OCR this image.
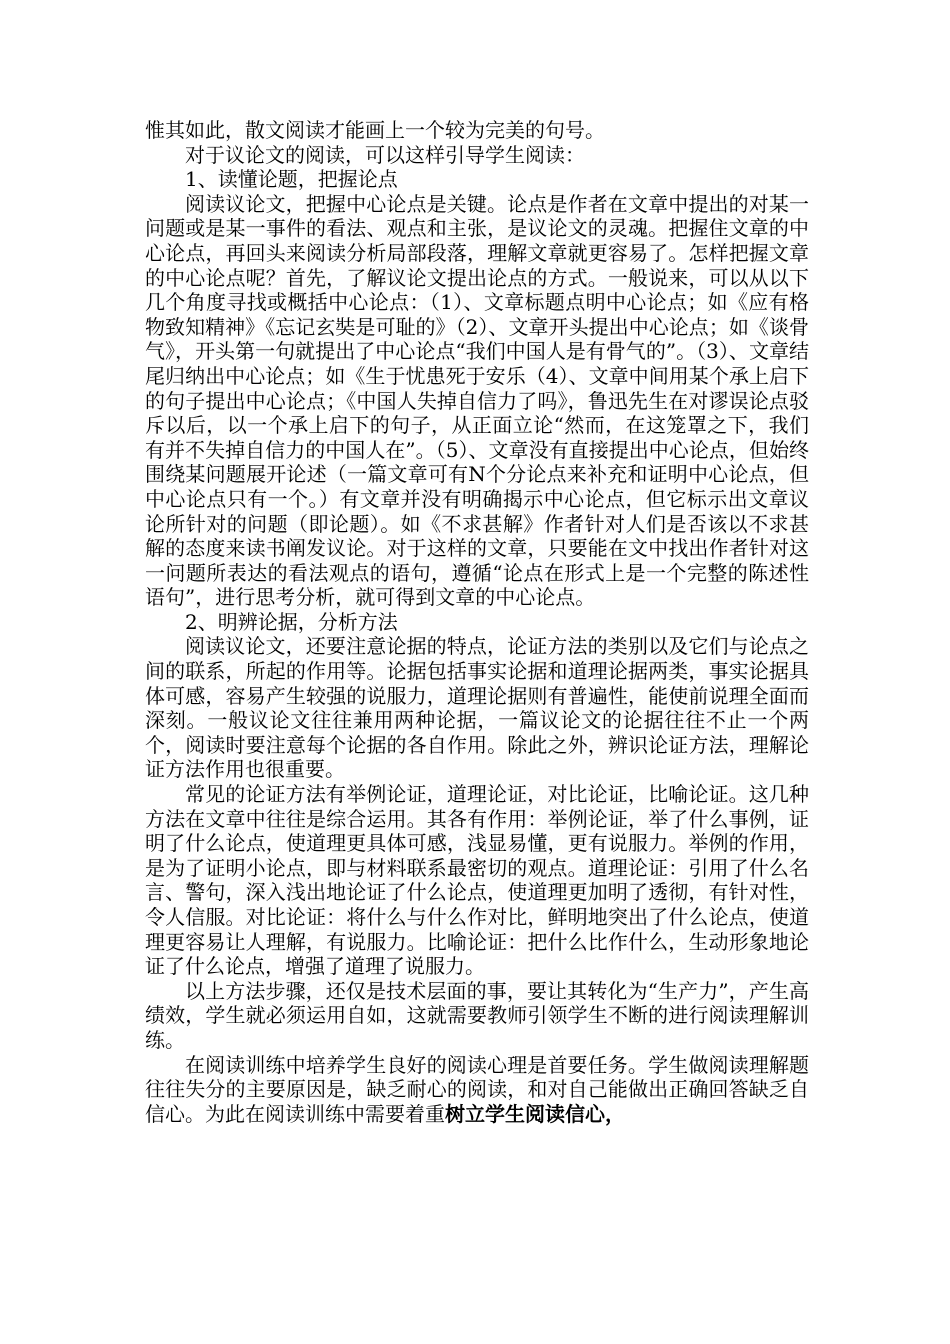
惟其如此，散文阅读才能画上一个较为完美的句号。

对于议论文的阅读，可以这样引导学生阅读：

1、读懂论题，把握论点

阅读议论文，把握中心论点是关键。论点是作者在文章中提出的对某一问题或是某一事件的看法、观点和主张，是议论文的灵魂。把握住文章的中心论点，再回头来阅读分析局部段落，理解文章就更容易了。怎样把握文章的中心论点呢？首先，了解议论文提出论点的方式。一般说来，可以从以下几个角度寻找或概括中心论点：（1）、文章标题点明中心论点；如《应有格物致知精神》《忘记玄奘是可耻的》（2）、文章开头提出中心论点；如《谈骨气》，开头第一句就提出了中心论点“我们中国人是有骨气的”。（3）、文章结尾归纳出中心论点；如《生于忧患死于安乐（4）、文章中间用某个承上启下的句子提出中心论点；《中国人失掉自信力了吗》，鲁迅先生在对谬误论点驳斥以后，以一个承上启下的句子，从正面立论“然而，在这笼罩之下，我们有并不失掉自信力的中国人在”。（5）、文章没有直接提出中心论点，但始终围绕某问题展开论述（一篇文章可有N个分论点来补充和证明中心论点，但中心论点只有一个。）有文章并没有明确揭示中心论点，但它标示出文章议论所针对的问题（即论题）。如《不求甚解》作者针对人们是否该以不求甚解的态度来读书阐发议论。对于这样的文章，只要能在文中找出作者针对这一问题所表达的看法观点的语句，遵循“论点在形式上是一个完整的陈述性语句”，进行思考分析，就可得到文章的中心论点。

2、明辨论据，分析方法

阅读议论文，还要注意论据的特点，论证方法的类别以及它们与论点之间的联系，所起的作用等。论据包括事实论据和道理论据两类，事实论据具体可感，容易产生较强的说服力，道理论据则有普遍性，能使前说理全面而深刻。一般议论文往往兼用两种论据，一篇议论文的论据往往不止一个两个，阅读时要注意每个论据的各自作用。除此之外，辨识论证方法，理解论证方法作用也很重要。

常见的论证方法有举例论证，道理论证，对比论证，比喻论证。这几种方法在文章中往往是综合运用。其各有作用：举例论证，举了什么事例，证明了什么论点，使道理更具体可感，浅显易懂，更有说服力。举例的作用，是为了证明小论点，即与材料联系最密切的观点。道理论证：引用了什么名言、警句，深入浅出地论证了什么论点，使道理更加明了透彻，有针对性，令人信服。对比论证：将什么与什么作对比，鲜明地突出了什么论点，使道理更容易让人理解，有说服力。比喻论证：把什么比作什么，生动形象地论证了什么论点，增强了道理了说服力。

以上方法步骤，还仅是技术层面的事，要让其转化为“生产力”，产生高绩效，学生就必须运用自如，这就需要教师引领学生不断的进行阅读理解训练。

在阅读训练中培养学生良好的阅读心理是首要任务。学生做阅读理解题往往失分的主要原因是，缺乏耐心的阅读，和对自己能做出正确回答缺乏自信心。为此在阅读训练中需要着重树立学生阅读信心，
